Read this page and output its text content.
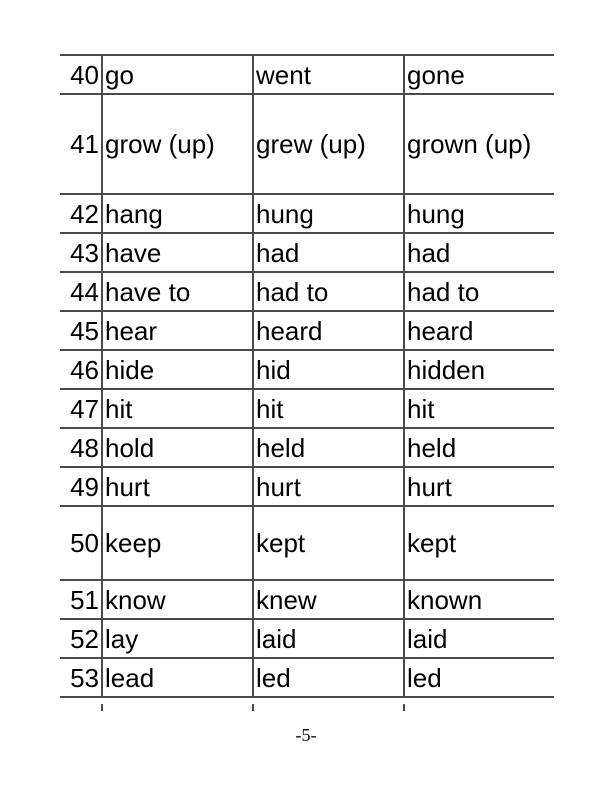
40	go	went	gone
41	grow (up)	grew (up)	grown (up)
42	hang	hung	hung
43	have	had	had
44	have to	had to	had to
45	hear	heard	heard
46	hide	hid	hidden
47	hit	hit	hit
48	hold	held	held
49	hurt	hurt	hurt
50	keep	kept	kept
51	know	knew	known
52	lay	laid	laid
53	lead	led	led
-5-
